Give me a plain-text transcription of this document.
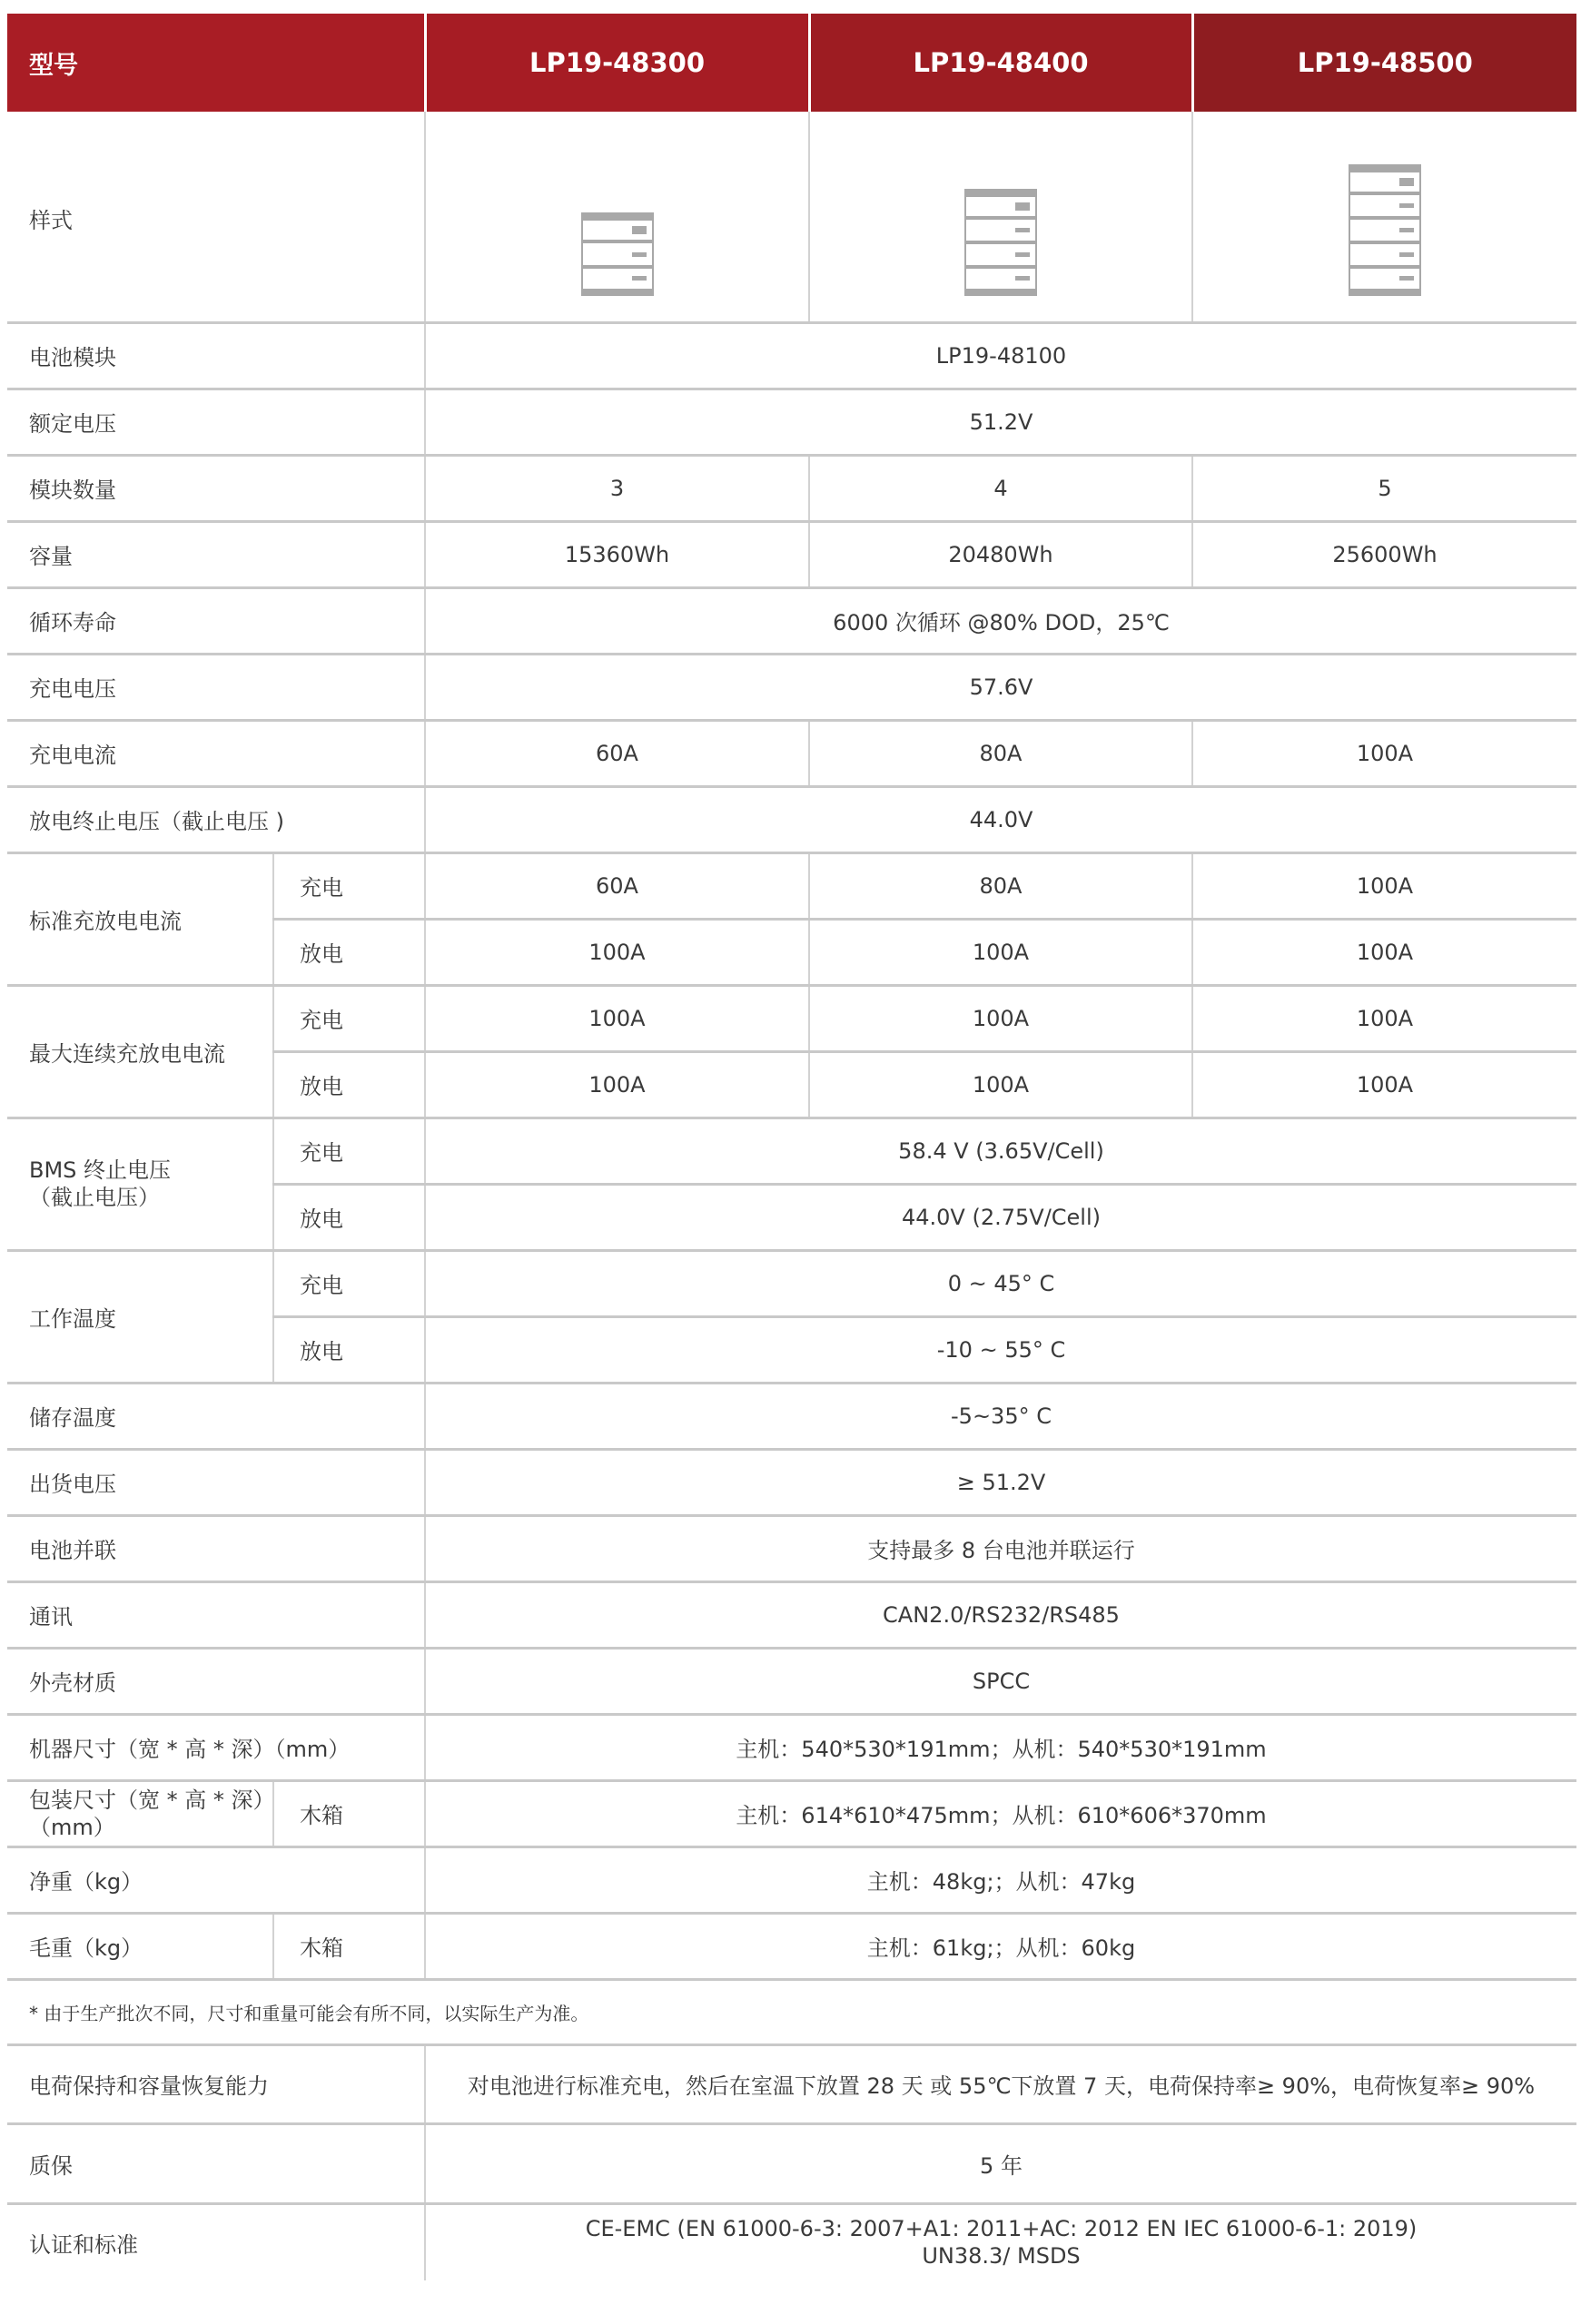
型号		LP19-48300	LP19-48400	LP19-48500
样式			
电池模块		LP19-48100		
额定电压		51.2V		
模块数量		3	4	5
容量		15360Wh	20480Wh	25600Wh
循环寿命		6000 次循环 @80% DOD，25℃		
充电电压		57.6V		
充电电流		60A	80A	100A
放电终止电压（截止电压 )		44.0V		
标准充放电电流	充电	60A	80A	100A
	放电	100A	100A	100A
最大连续充放电电流	充电	100A	100A	100A
	放电	100A	100A	100A

BMS 终止电压
（截止电压）	充电	58.4 V (3.65V/Cell)		
	放电	44.0V (2.75V/Cell)		
工作温度	充电	0 ~ 45° C		
	放电	-10 ~ 55° C		
储存温度		-5~35° C		
出货电压		≥ 51.2V		
电池并联		支持最多 8 台电池并联运行		
通讯		CAN2.0/RS232/RS485		
外壳材质		SPCC		
机器尺寸（宽 * 高 * 深）（mm）		主机：540*530*191mm；从机：540*530*191mm		

包装尺寸（宽 * 高 * 深）
（mm）	木箱	主机：614*610*475mm；从机：610*606*370mm		
净重（kg）		主机：48kg;；从机：47kg		
毛重（kg）	木箱	主机：61kg;；从机：60kg		
* 由于生产批次不同，尺寸和重量可能会有所不同，以实际生产为准。				
电荷保持和容量恢复能力		对电池进行标准充电，然后在室温下放置 28 天 或 55℃下放置 7 天，电荷保持率≥ 90%，电荷恢复率≥ 90%		
质保		5 年		
认证和标准		CE-EMC (EN 61000-6-3: 2007+A1: 2011+AC: 2012 EN IEC 61000-6-1: 2019)
UN38.3/ MSDS		
